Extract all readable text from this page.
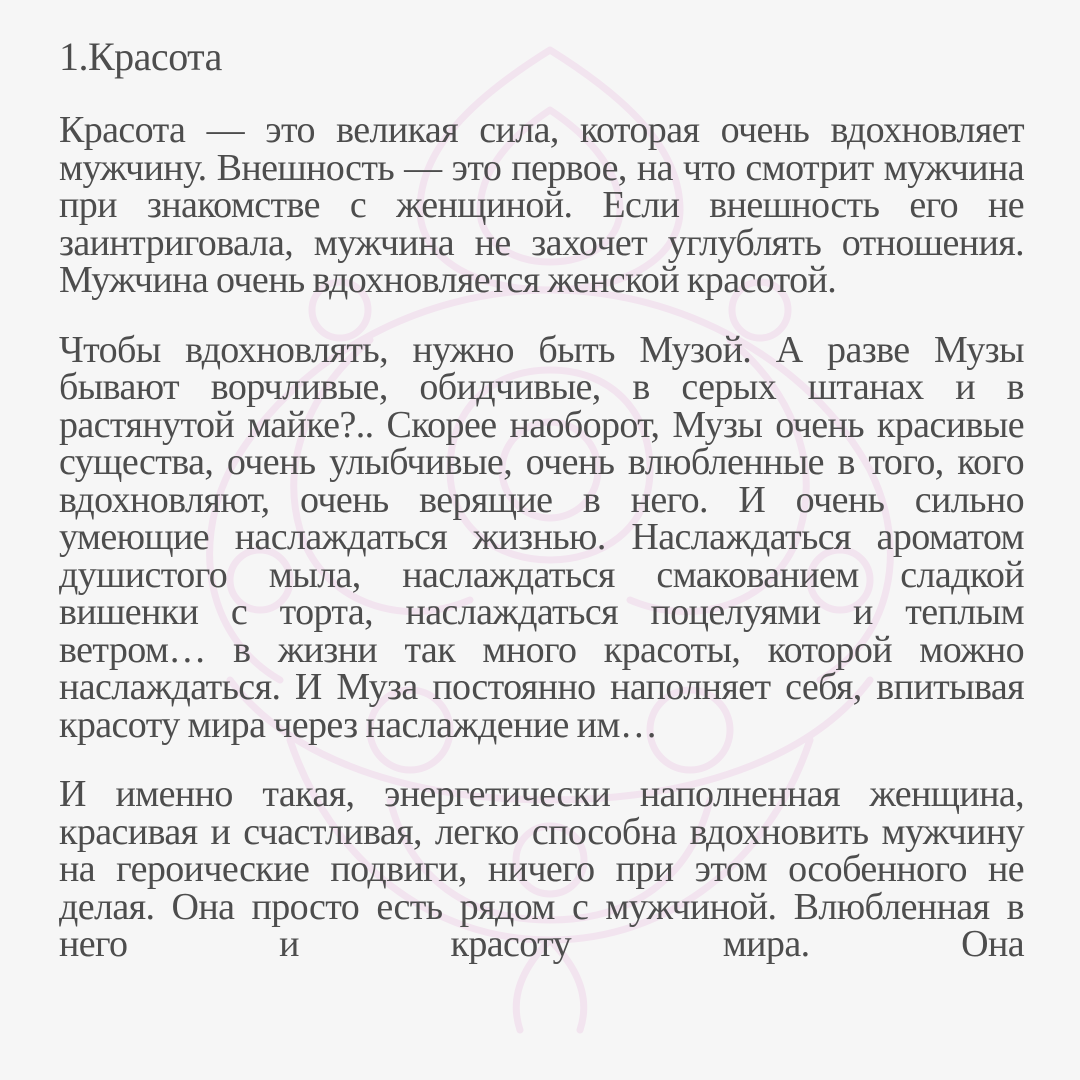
1.Красота

Красота — это великая сила, которая очень вдохновляет мужчину. Внешность — это первое, на что смотрит мужчина при знакомстве с женщиной. Если внешность его не заинтриговала, мужчина не захочет углублять отношения. Мужчина очень вдохновляется женской красотой.

Чтобы вдохновлять, нужно быть Музой. А разве Музы бывают ворчливые, обидчивые, в серых штанах и в растянутой майке?.. Скорее наоборот, Музы очень красивые существа, очень улыбчивые, очень влюбленные в того, кого вдохновляют, очень верящие в него. И очень сильно умеющие наслаждаться жизнью. Наслаждаться ароматом душистого мыла, наслаждаться смакованием сладкой вишенки с торта, наслаждаться поцелуями и теплым ветром… в жизни так много красоты, которой можно наслаждаться. И Муза постоянно наполняет себя, впитывая красоту мира через наслаждение им…

И именно такая, энергетически наполненная женщина, красивая и счастливая, легко способна вдохновить мужчину на героические подвиги, ничего при этом особенного не делая. Она просто есть рядом с мужчиной. Влюбленная в него и красоту мира. Она
